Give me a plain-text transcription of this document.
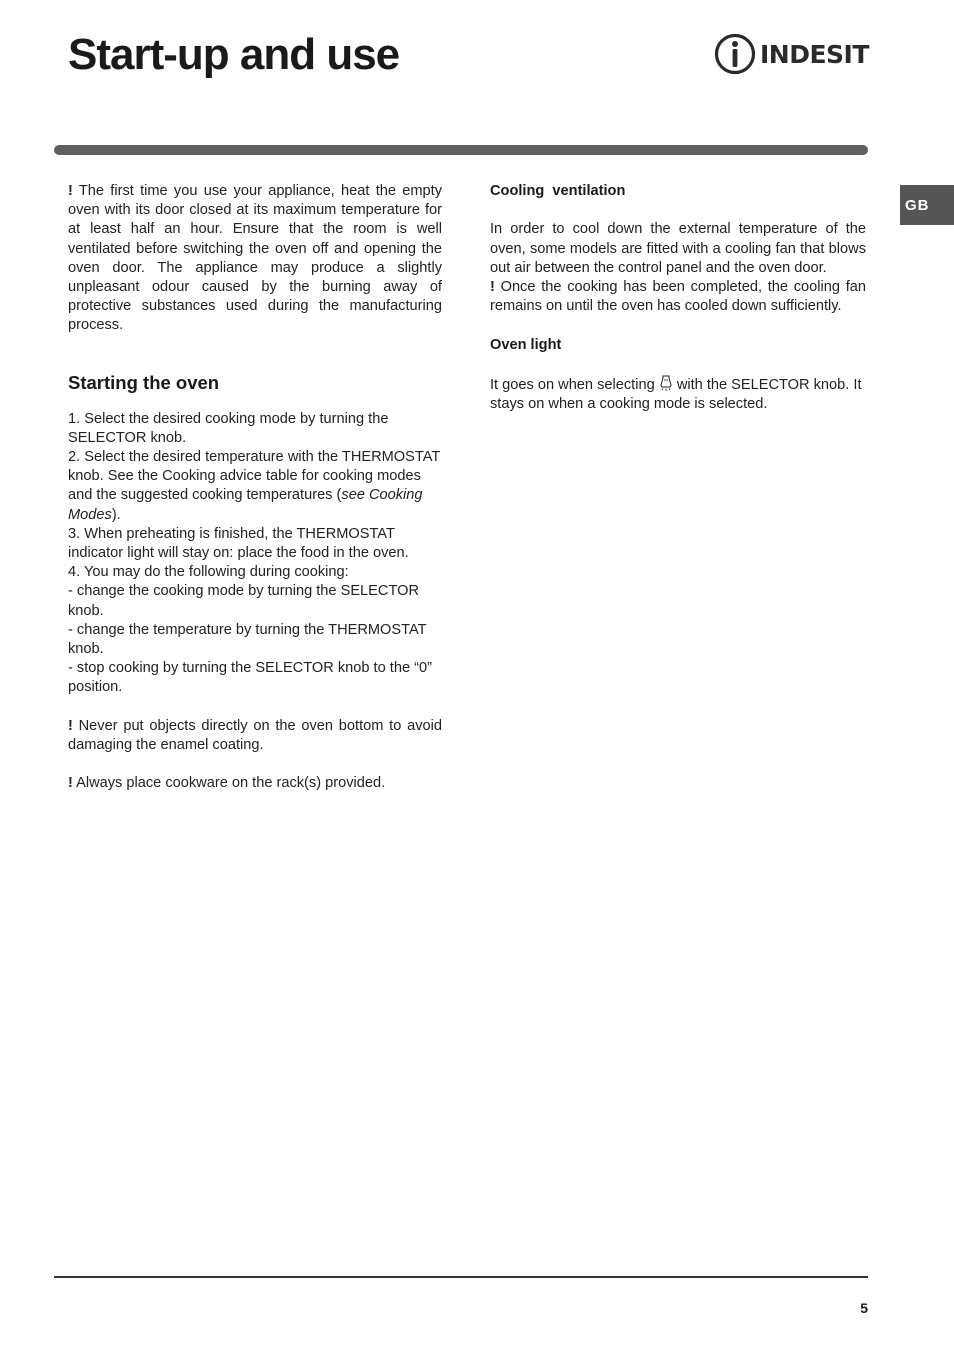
Start-up and use	INDESIT
GB

! The first time you use your appliance, heat the empty oven with its door closed at its maximum temperature for at least half an hour. Ensure that the room is well ventilated before switching the oven off and opening the oven door. The appliance may produce a slightly unpleasant odour caused by the burning away of protective substances used during the manufacturing process.

Starting the oven

1. Select the desired cooking mode by turning the SELECTOR knob.

2. Select the desired temperature with the THERMOSTAT knob. See the Cooking advice table for cooking modes and the suggested cooking temperatures (see Cooking Modes).

3. When preheating is finished, the THERMOSTAT indicator light will stay on: place the food in the oven.

4. You may do the following during cooking:

- change the cooking mode by turning the SELECTOR knob.

- change the temperature by turning the THERMOSTAT knob.

- stop cooking by turning the SELECTOR knob to the “0” position.

! Never put objects directly on the oven bottom to avoid damaging the enamel coating.

! Always place cookware on the rack(s) provided.

Cooling  ventilation

In order to cool down the external temperature of the oven, some models are fitted with a cooling fan that blows out air between the control panel and the oven door.

! Once the cooking has been completed, the cooling fan remains on until the oven has cooled down sufficiently.

Oven light

It goes on when selecting with the SELECTOR knob. It stays on when a cooking mode is selected.

5
